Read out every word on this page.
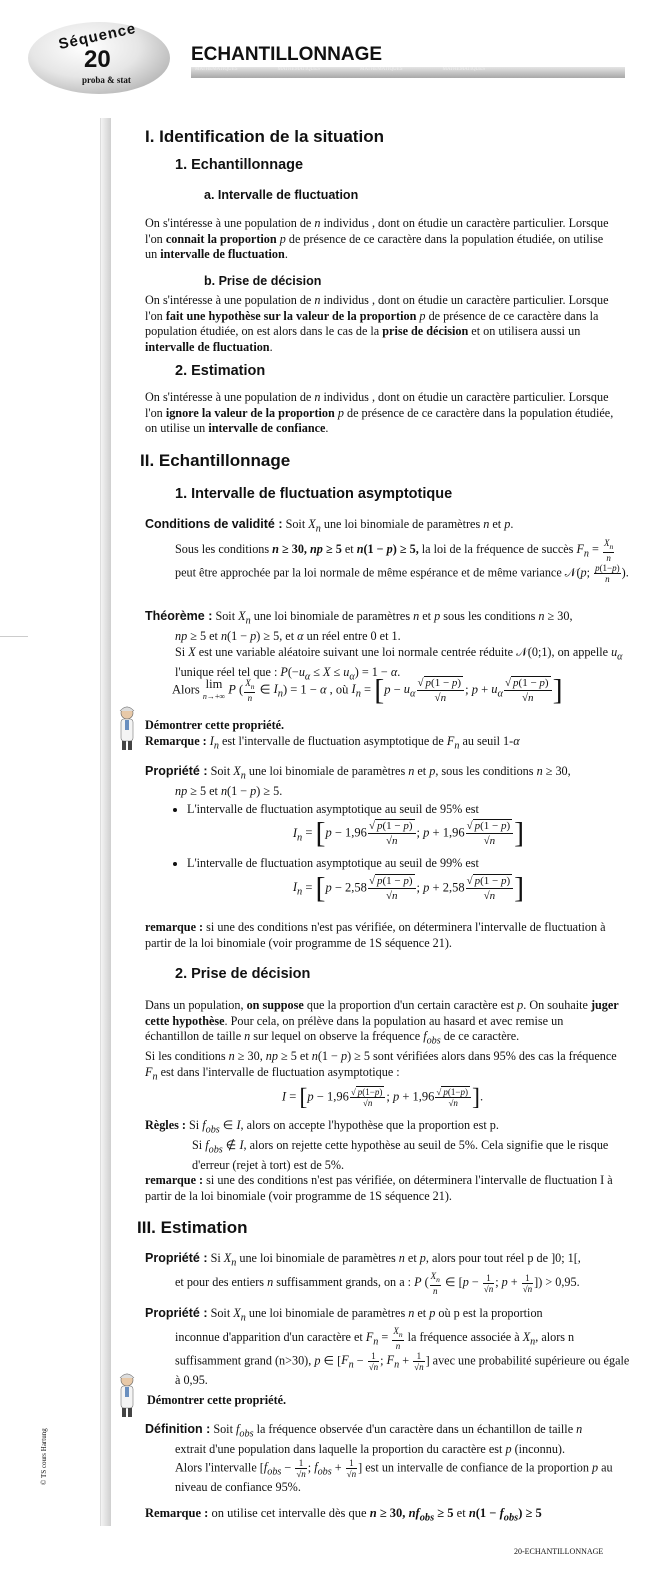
Séquence
20
proba & stat
ECHANTILLONNAGE
MATHEMATIQUES	MATHEMATIQUES	MATHEMATIQUES	MATHEMATIQUES
© TS cours Hartung
I. Identification de la situation
1. Echantillonnage
a. Intervalle de fluctuation
On s'intéresse à une population de n individus , dont on étudie un caractère particulier. Lorsque l'on connait la proportion p de présence de ce caractère dans la population étudiée, on utilise un intervalle de fluctuation.
b. Prise de décision
On s'intéresse à une population de n individus , dont on étudie un caractère particulier. Lorsque l'on fait une hypothèse sur la valeur de la proportion p de présence de ce caractère dans la population étudiée, on est alors dans le cas de la prise de décision et on utilisera aussi un intervalle de fluctuation.
2. Estimation
On s'intéresse à une population de n individus , dont on étudie un caractère particulier. Lorsque l'on ignore la valeur de la proportion p de présence de ce caractère dans la population étudiée, on utilise un intervalle de confiance.
II. Echantillonnage
1. Intervalle de fluctuation asymptotique
Conditions de validité : Soit $X_n$ une loi binomiale de paramètres n et p.
Sous les conditions n ≥ 30, np ≥ 5 et n(1 − p) ≥ 5, la loi de la fréquence de succès $F_n = \frac{X_n}{n}$
peut être approchée par la loi normale de même espérance et de même variance 𝒩(p; $\frac{p(1-p)}{n}$ ).
Théorème : Soit $X_n$ une loi binomiale de paramètres n et p sous les conditions n ≥ 30,
np ≥ 5 et n(1 − p) ≥ 5, et α un réel entre 0 et 1.
Si X est une variable aléatoire suivant une loi normale centrée réduite 𝒩(0;1), on appelle $u_\alpha$ l'unique réel tel que : $P(-u_\alpha \le X \le u_\alpha) = 1 - \alpha$.
Alors lim
n→+∞ P ( $\frac{X_n}{n}$ ∈ $I_n) = 1 - \alpha$ , où $I_n = [p - u_\alpha \frac{√ p(1 - p)}{√n}$ ; $p + u_\alpha \frac{√ p(1 - p)}{√n}$ ]
Démontrer cette propriété.
Remarque : $I_n$ est l'intervalle de fluctuation asymptotique de $F_n$ au seuil 1-α
Propriété : Soit $X_n$ une loi binomiale de paramètres n et p, sous les conditions n ≥ 30,
np ≥ 5 et n(1 − p) ≥ 5.
• L'intervalle de fluctuation asymptotique au seuil de 95% est
$I_n = [p - 1,96 \frac{√ p(1 - p)}{√n}$ ; $p + 1,96 \frac{√ p(1 - p)}{√n}$ ]
• L'intervalle de fluctuation asymptotique au seuil de 99% est
$I_n = [p - 2,58 \frac{√ p(1 - p)}{√n}$ ; $p + 2,58 \frac{√ p(1 - p)}{√n}$ ]
remarque : si une des conditions n'est pas vérifiée, on déterminera l'intervalle de fluctuation à partir de la loi binomiale (voir programme de 1S séquence 21).
2. Prise de décision
Dans un population, on suppose que la proportion d'un certain caractère est p. On souhaite juger cette hypothèse. Pour cela, on prélève dans la population au hasard et avec remise un échantillon de taille n sur lequel on observe la fréquence $f_{obs}$ de ce caractère.
Si les conditions n ≥ 30, np ≥ 5 et n(1 − p) ≥ 5 sont vérifiées alors dans 95% des cas la fréquence $F_n$ est dans l'intervalle de fluctuation asymptotique :
$I = [p - 1,96 \frac{√ p(1-p)}{√n}$ ; $p + 1,96 \frac{√ p(1-p)}{√n}$ ].
Règles : Si $f_{obs}$ ∈ I, alors on accepte l'hypothèse que la proportion est p.
Si $f_{obs}$ ∉ I, alors on rejette cette hypothèse au seuil de 5%. Cela signifie que le risque d'erreur (rejet à tort) est de 5%.
remarque : si une des conditions n'est pas vérifiée, on déterminera l'intervalle de fluctuation I à partir de la loi binomiale (voir programme de 1S séquence 21).
III. Estimation
Propriété : Si $X_n$ une loi binomiale de paramètres n et p, alors pour tout réel p de ]0; 1[,
et pour des entiers n suffisamment grands, on a : P ( $\frac{X_n}{n}$ ∈ [$p - \frac{1}{√n}$ ; $p + \frac{1}{√n}$ ]) > 0,95.
Propriété : Soit $X_n$ une loi binomiale de paramètres n et p où p est la proportion
inconnue d'apparition d'un caractère et $F_n = \frac{X_n}{n}$ la fréquence associée à $X_n$, alors n suffisamment grand (n>30), p ∈ [$F_n - \frac{1}{√n}$ ; $F_n + \frac{1}{√n}$ ] avec une probabilité supérieure ou égale à 0,95.
Démontrer cette propriété.
Définition : Soit $f_{obs}$ la fréquence observée d'un caractère dans un échantillon de taille n
extrait d'une population dans laquelle la proportion du caractère est p (inconnu).
Alors l'intervalle [$f_{obs} - \frac{1}{√n}$ ; $f_{obs} + \frac{1}{√n}$ ] est un intervalle de confiance de la proportion p au niveau de confiance 95%.
Remarque : on utilise cet intervalle dès que n ≥ 30, $nf_{obs} \ge 5$ et $n(1 - f_{obs}) \ge 5$
20-ECHANTILLONNAGE
